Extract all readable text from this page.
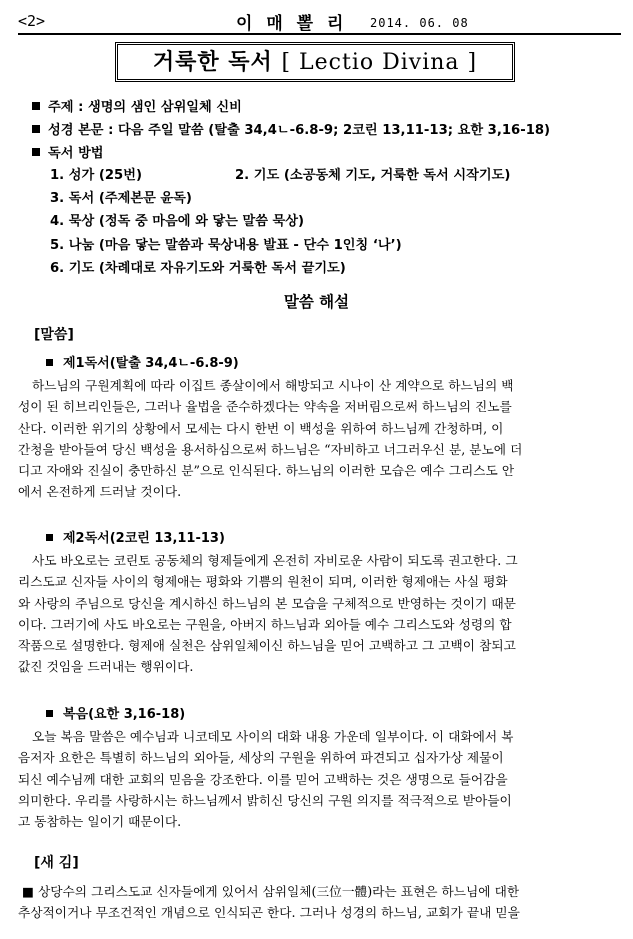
<2>	이 매 뽈 리 2014. 06. 08
거룩한 독서 [ Lectio Divina ]
주제 : 생명의 샘인 삼위일체 신비
성경 본문 : 다음 주일 말씀 (탈출 34,4ㄴ-6.8-9; 2코린 13,11-13; 요한 3,16-18)
독서 방법
1. 성가 (25번)	2. 기도 (소공동체 기도, 거룩한 독서 시작기도)
3. 독서 (주제본문 윤독)
4. 묵상 (정독 중 마음에 와 닿는 말씀 묵상)
5. 나눔 (마음 닿는 말씀과 묵상내용 발표 - 단수 1인칭 ‘나’)
6. 기도 (차례대로 자유기도와 거룩한 독서 끝기도)
말씀 해설
[말씀]
제1독서(탈출 34,4ㄴ-6.8-9)
하느님의 구원계획에 따라 이집트 종살이에서 해방되고 시나이 산 계약으로 하느님의 백
성이 된 히브리인들은, 그러나 율법을 준수하겠다는 약속을 저버림으로써 하느님의 진노를
산다. 이러한 위기의 상황에서 모세는 다시 한번 이 백성을 위하여 하느님께 간청하며, 이
간청을 받아들여 당신 백성을 용서하심으로써 하느님은 “자비하고 너그러우신 분, 분노에 더
디고 자애와 진실이 충만하신 분”으로 인식된다. 하느님의 이러한 모습은 예수 그리스도 안
에서 온전하게 드러날 것이다.
제2독서(2코린 13,11-13)
사도 바오로는 코린토 공동체의 형제들에게 온전히 자비로운 사람이 되도록 권고한다. 그
리스도교 신자들 사이의 형제애는 평화와 기쁨의 원천이 되며, 이러한 형제애는 사실 평화
와 사랑의 주님으로 당신을 계시하신 하느님의 본 모습을 구체적으로 반영하는 것이기 때문
이다. 그러기에 사도 바오로는 구원을, 아버지 하느님과 외아들 예수 그리스도와 성령의 합
작품으로 설명한다. 형제애 실천은 삼위일체이신 하느님을 믿어 고백하고 그 고백이 참되고
값진 것임을 드러내는 행위이다.
복음(요한 3,16-18)
오늘 복음 말씀은 예수님과 니코데모 사이의 대화 내용 가운데 일부이다. 이 대화에서 복
음저자 요한은 특별히 하느님의 외아들, 세상의 구원을 위하여 파견되고 십자가상 제물이
되신 예수님께 대한 교회의 믿음을 강조한다. 이를 믿어 고백하는 것은 생명으로 들어감을
의미한다. 우리를 사랑하시는 하느님께서 밝히신 당신의 구원 의지를 적극적으로 받아들이
고 동참하는 일이기 때문이다.
[새 김]
■ 상당수의 그리스도교 신자들에게 있어서 삼위일체(三位一體)라는 표현은 하느님에 대한
추상적이거나 무조건적인 개념으로 인식되곤 한다. 그러나 성경의 하느님, 교회가 끝내 믿을
